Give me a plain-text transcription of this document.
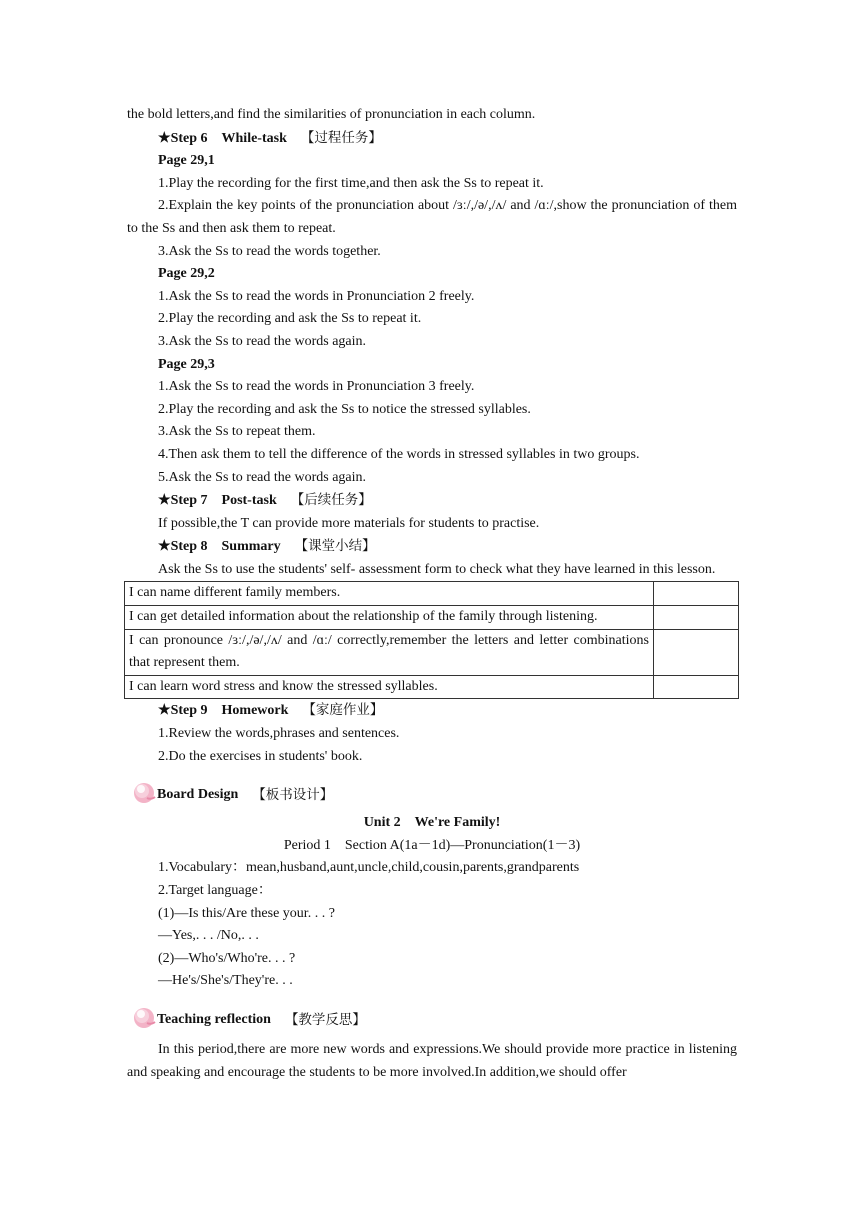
the bold letters,and find the similarities of pronunciation in each column.

★Step 6 While-task 【过程任务】

Page 29,1

1.Play the recording for the first time,and then ask the Ss to repeat it.

2.Explain the key points of the pronunciation about /ɜː/,/ə/,/ʌ/ and /ɑː/,show the pronunciation of them to the Ss and then ask them to repeat.

3.Ask the Ss to read the words together.

Page 29,2

1.Ask the Ss to read the words in Pronunciation 2 freely.

2.Play the recording and ask the Ss to repeat it.

3.Ask the Ss to read the words again.

Page 29,3

1.Ask the Ss to read the words in Pronunciation 3 freely.

2.Play the recording and ask the Ss to notice the stressed syllables.

3.Ask the Ss to repeat them.

4.Then ask them to tell the difference of the words in stressed syllables in two groups.

5.Ask the Ss to read the words again.

★Step 7 Post-task 【后续任务】

If possible,the T can provide more materials for students to practise.

★Step 8 Summary 【课堂小结】

Ask the Ss to use the students' self- assessment form to check what they have learned in this lesson.

I can name different family members.	
I can get detailed information about the relationship of the family through listening.	
I can pronounce /ɜː/,/ə/,/ʌ/ and /ɑː/ correctly,remember the letters and letter combinations that represent them.	
I can learn word stress and know the stressed syllables.	

★Step 9 Homework 【家庭作业】

1.Review the words,phrases and sentences.

2.Do the exercises in students' book.

Board Design 【板书设计】

Unit 2　We're Family!

Period 1　Section A(1a－1d)—Pronunciation(1－3)

1.Vocabulary：mean,husband,aunt,uncle,child,cousin,parents,grandparents

2.Target language：

(1)—Is this/Are these your. . . ?

—Yes,. . . /No,. . .

(2)—Who's/Who're. . . ?

—He's/She's/They're. . .

Teaching reflection 【教学反思】

In this period,there are more new words and expressions.We should provide more practice in listening and speaking and encourage the students to be more involved.In addition,we should offer
